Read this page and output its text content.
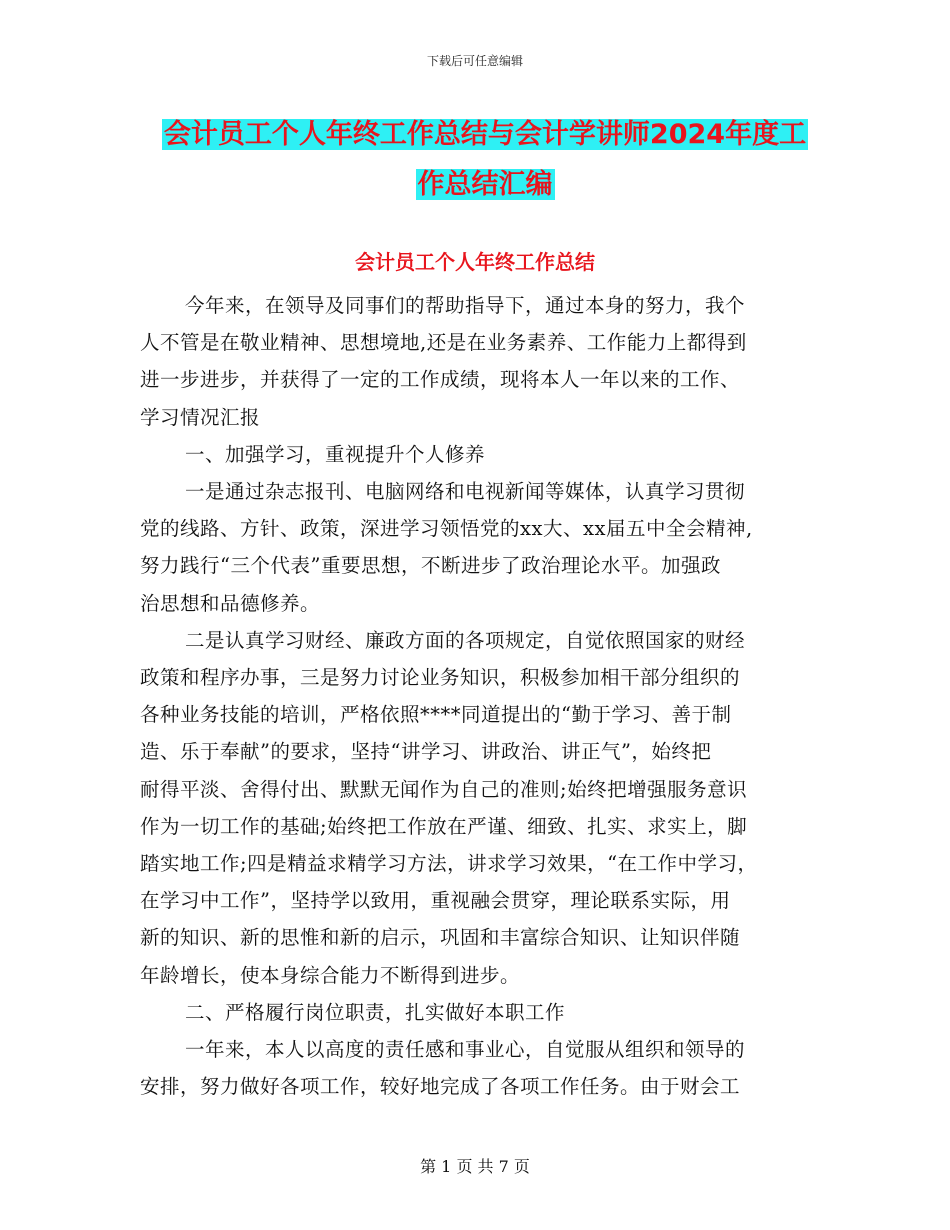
下载后可任意编辑
会计员工个人年终工作总结与会计学讲师2024年度工
作总结汇编
会计员工个人年终工作总结
今年来，在领导及同事们的帮助指导下，通过本身的努力，我个
人不管是在敬业精神、思想境地,还是在业务素养、工作能力上都得到
进一步进步，并获得了一定的工作成绩，现将本人一年以来的工作、
学习情况汇报
一、加强学习，重视提升个人修养
一是通过杂志报刊、电脑网络和电视新闻等媒体，认真学习贯彻
党的线路、方针、政策，深进学习领悟党的xx大、xx届五中全会精神,
努力践行“三个代表”重要思想，不断进步了政治理论水平。加强政
治思想和品德修养。
二是认真学习财经、廉政方面的各项规定，自觉依照国家的财经
政策和程序办事，三是努力讨论业务知识，积极参加相干部分组织的
各种业务技能的培训，严格依照****同道提出的“勤于学习、善于制
造、乐于奉献”的要求，坚持“讲学习、讲政治、讲正气”，始终把
耐得平淡、舍得付出、默默无闻作为自己的准则;始终把增强服务意识
作为一切工作的基础;始终把工作放在严谨、细致、扎实、求实上，脚
踏实地工作;四是精益求精学习方法，讲求学习效果，“在工作中学习，
在学习中工作”，坚持学以致用，重视融会贯穿，理论联系实际，用
新的知识、新的思惟和新的启示，巩固和丰富综合知识、让知识伴随
年龄增长，使本身综合能力不断得到进步。
二、严格履行岗位职责，扎实做好本职工作
一年来，本人以高度的责任感和事业心，自觉服从组织和领导的
安排，努力做好各项工作，较好地完成了各项工作任务。由于财会工
第 1 页 共 7 页
